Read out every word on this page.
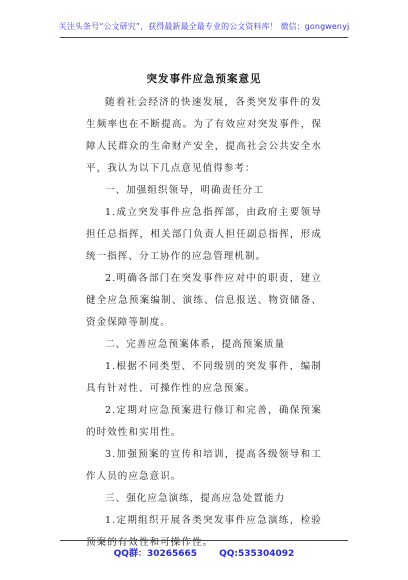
关注头条号“公文研究”，获得最新最全最专业的公文资料库！ 微信：gongwenyj
突发事件应急预案意见

随着社会经济的快速发展，各类突发事件的发生频率也在不断提高。为了有效应对突发事件，保障人民群众的生命财产安全，提高社会公共安全水平，我认为以下几点意见值得参考：

一、加强组织领导，明确责任分工

1.成立突发事件应急指挥部，由政府主要领导担任总指挥，相关部门负责人担任副总指挥，形成统一指挥、分工协作的应急管理机制。

2.明确各部门在突发事件应对中的职责，建立健全应急预案编制、演练、信息报送、物资储备、资金保障等制度。

二、完善应急预案体系，提高预案质量

1.根据不同类型、不同级别的突发事件，编制具有针对性、可操作性的应急预案。

2.定期对应急预案进行修订和完善，确保预案的时效性和实用性。

3.加强预案的宣传和培训，提高各级领导和工作人员的应急意识。

三、强化应急演练，提高应急处置能力

1.定期组织开展各类突发事件应急演练，检验预案的有效性和可操作性。

QQ群：30265665 QQ:535304092
